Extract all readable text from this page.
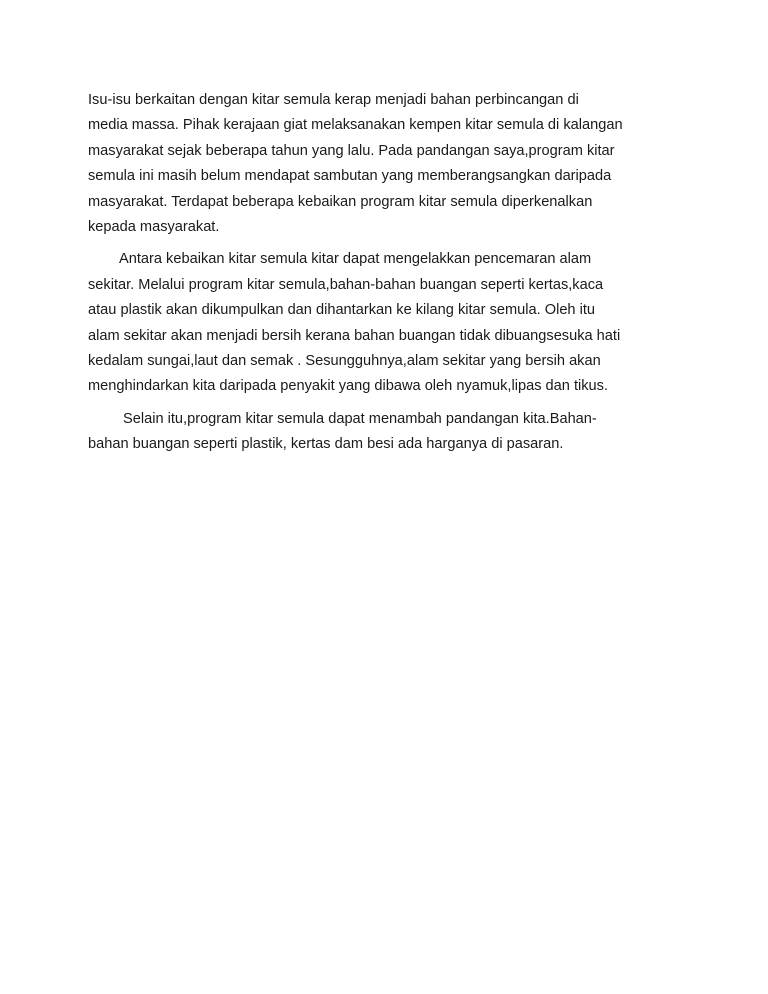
Isu-isu berkaitan dengan kitar semula kerap menjadi bahan perbincangan di
media massa. Pihak kerajaan giat melaksanakan kempen kitar semula di kalangan
masyarakat sejak beberapa tahun yang lalu. Pada pandangan saya,program kitar
semula ini masih belum mendapat sambutan yang memberangsangkan daripada
masyarakat. Terdapat beberapa kebaikan program kitar semula diperkenalkan
kepada masyarakat.

Antara kebaikan kitar semula kitar dapat mengelakkan pencemaran alam
sekitar. Melalui program kitar semula,bahan-bahan buangan seperti kertas,kaca
atau plastik akan dikumpulkan dan dihantarkan ke kilang kitar semula. Oleh itu
alam sekitar akan menjadi bersih kerana bahan buangan tidak dibuangsesuka hati
kedalam sungai,laut dan semak . Sesungguhnya,alam sekitar yang bersih akan
menghindarkan kita daripada penyakit yang dibawa oleh nyamuk,lipas dan tikus.

Selain itu,program kitar semula dapat menambah pandangan kita.Bahan-
bahan buangan seperti plastik, kertas dam besi ada harganya di pasaran.
